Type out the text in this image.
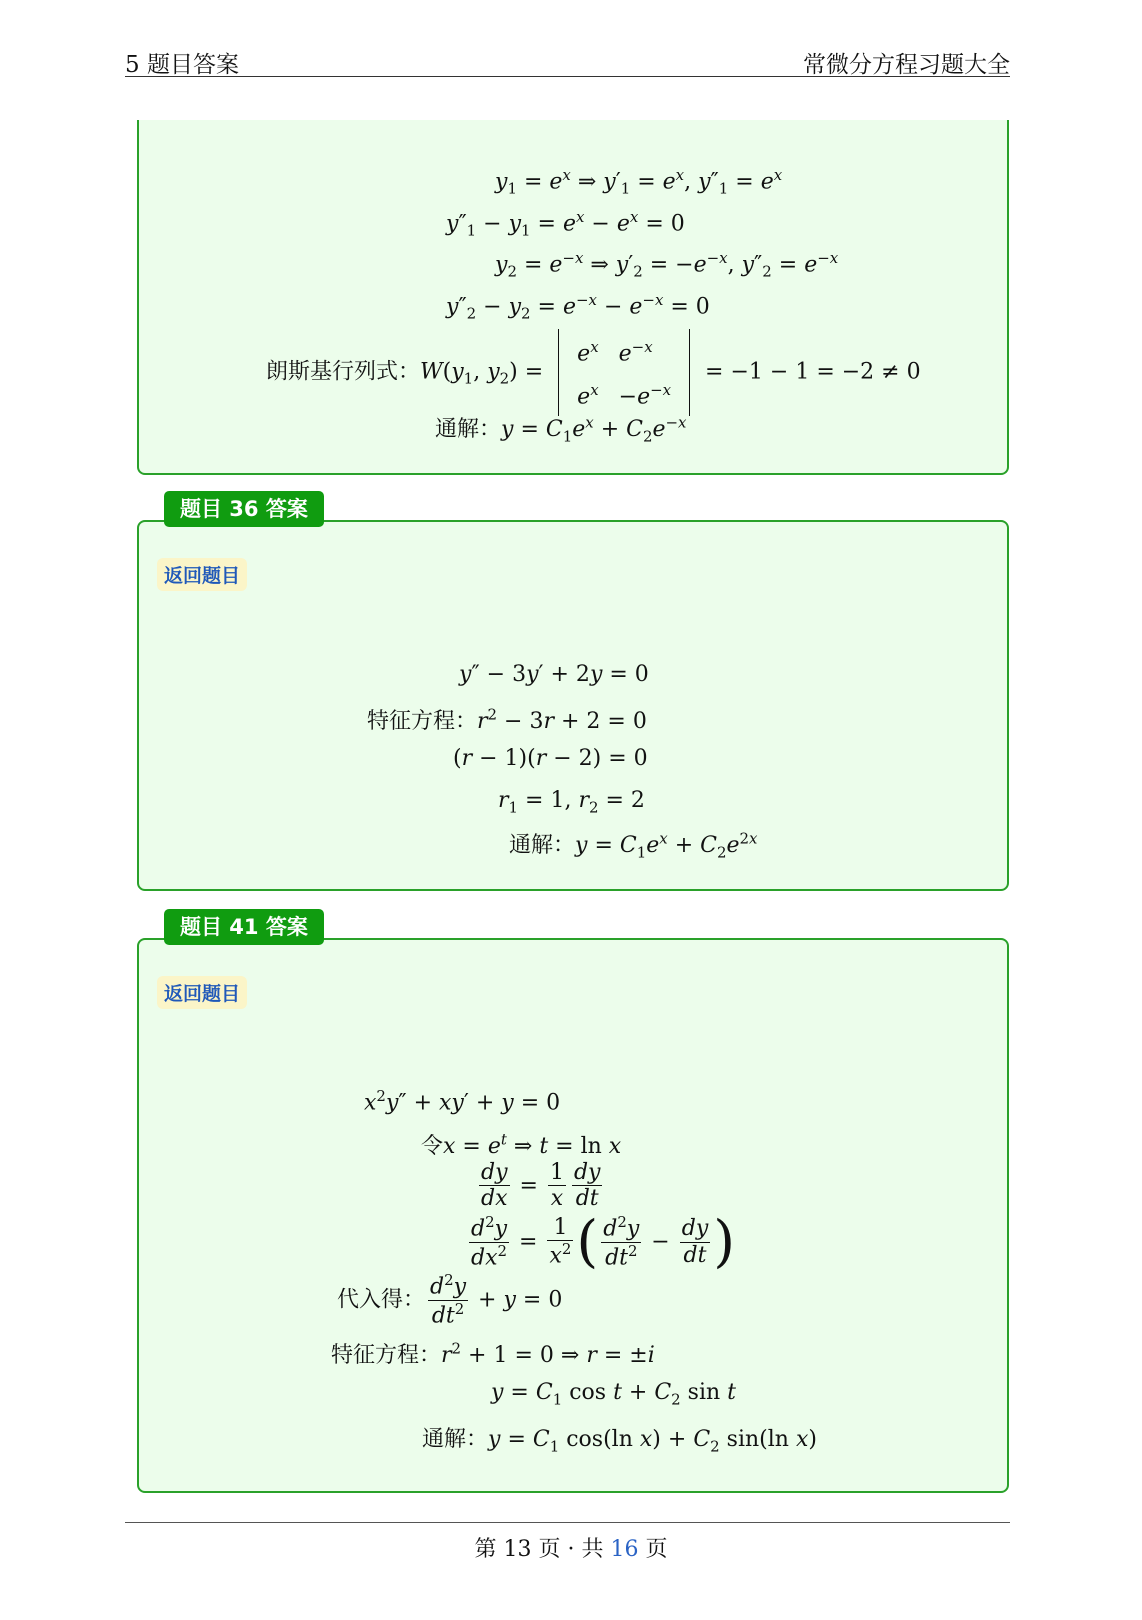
5 题目答案	常微分方程习题大全
$y_1 = e^x$ ⇒ $y'_1 = e^x$, $y''_1 = e^x$
$y''_1 - y_1 = e^x - e^x = 0$
$y_2 = e^{-x}$ ⇒ $y'_2 = -e^{-x}$, $y''_2 = e^{-x}$
$y''_2 - y_2 = e^{-x} - e^{-x} = 0$
朗斯基行列式：$W(y_1$, $y_2$) =
$e^x$	$e^{-x}$
$e^x$	$-e^{-x}$
= −1 − 1 = −2 ≠ 0
通解：$y = C_1e^x + C_2e^{-x}$
返回题目
y″ − 3y′ + 2y = 0
特征方程：$r^2 - 3r + 2 = 0$
(r − 1)(r − 2) = 0
$r_1 = 1$, $r_2 = 2$
通解：$y = C_1e^x + C_2e^{2x}$
题目 36 答案
返回题目
$x^2y'' + xy' + y = 0$
令$x = e^t$ ⇒ t = ln x
$\frac{dy}{dx} = \frac{1}{x} \frac{dy}{dt}$
$\frac{d^2y}{dx^2} = \frac{1}{x^2}$ ( $\frac{d^2y}{dt^2} - \frac{dy}{dt}$ )
代入得： $\frac{d^2y}{dt^2} + y = 0$
特征方程：$r^2 + 1 = 0$ ⇒ r = ±i
$y = C_1$ $\cos t + C_2$ sin t
通解：$y = C_1$ cos(ln $x) + C_2$ sin(ln x)
题目 41 答案
第 13 页 · 共 16 页
